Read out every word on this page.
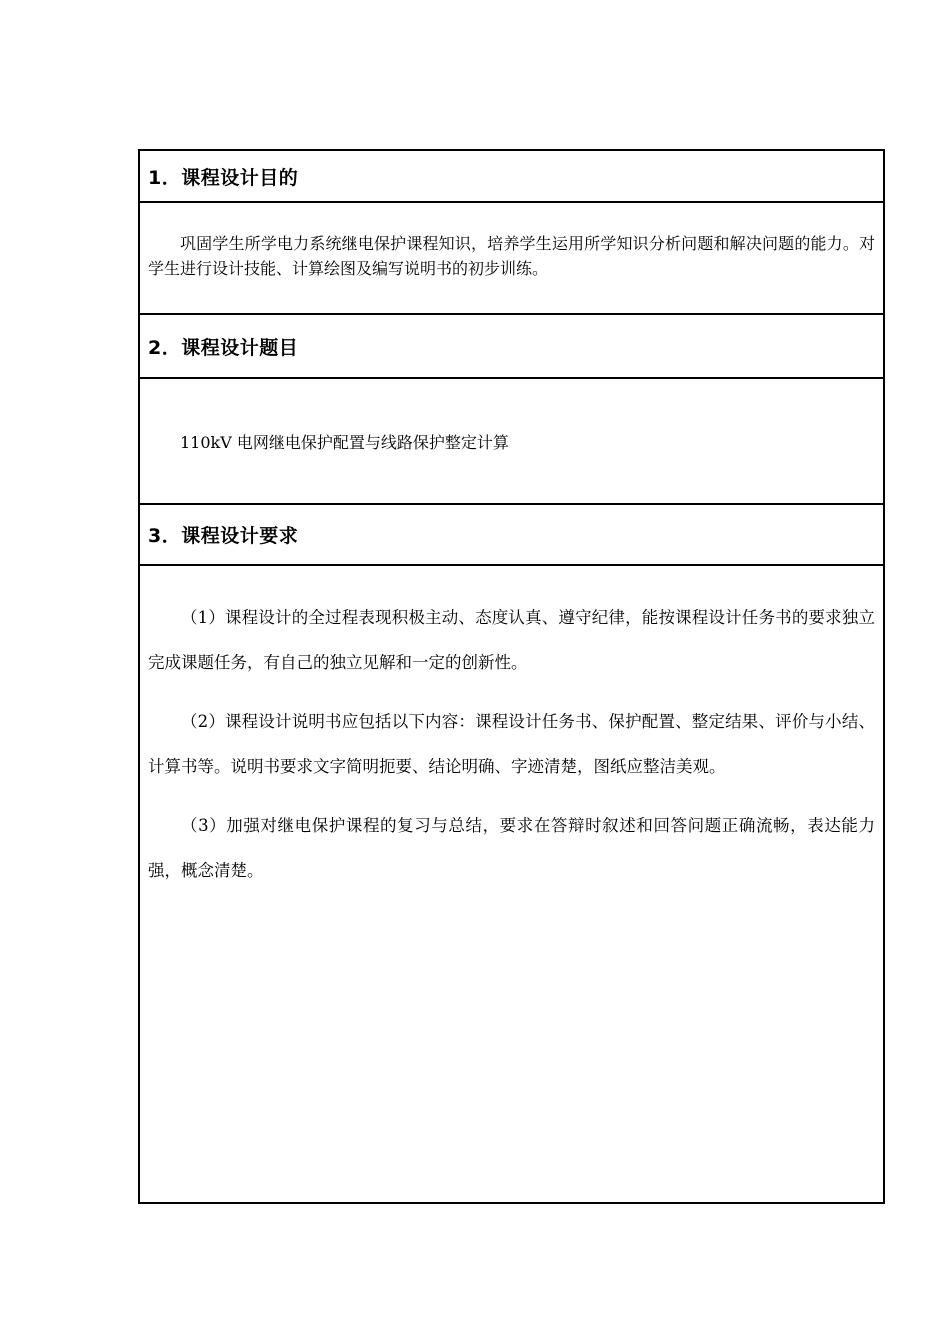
1．课程设计目的

巩固学生所学电力系统继电保护课程知识，培养学生运用所学知识分析问题和解决问题的能力。对学生进行设计技能、计算绘图及编写说明书的初步训练。

2．课程设计题目

110kV 电网继电保护配置与线路保护整定计算

3．课程设计要求

（1）课程设计的全过程表现积极主动、态度认真、遵守纪律，能按课程设计任务书的要求独立完成课题任务，有自己的独立见解和一定的创新性。

（2）课程设计说明书应包括以下内容：课程设计任务书、保护配置、整定结果、评价与小结、计算书等。说明书要求文字简明扼要、结论明确、字迹清楚，图纸应整洁美观。

（3）加强对继电保护课程的复习与总结，要求在答辩时叙述和回答问题正确流畅，表达能力强，概念清楚。
